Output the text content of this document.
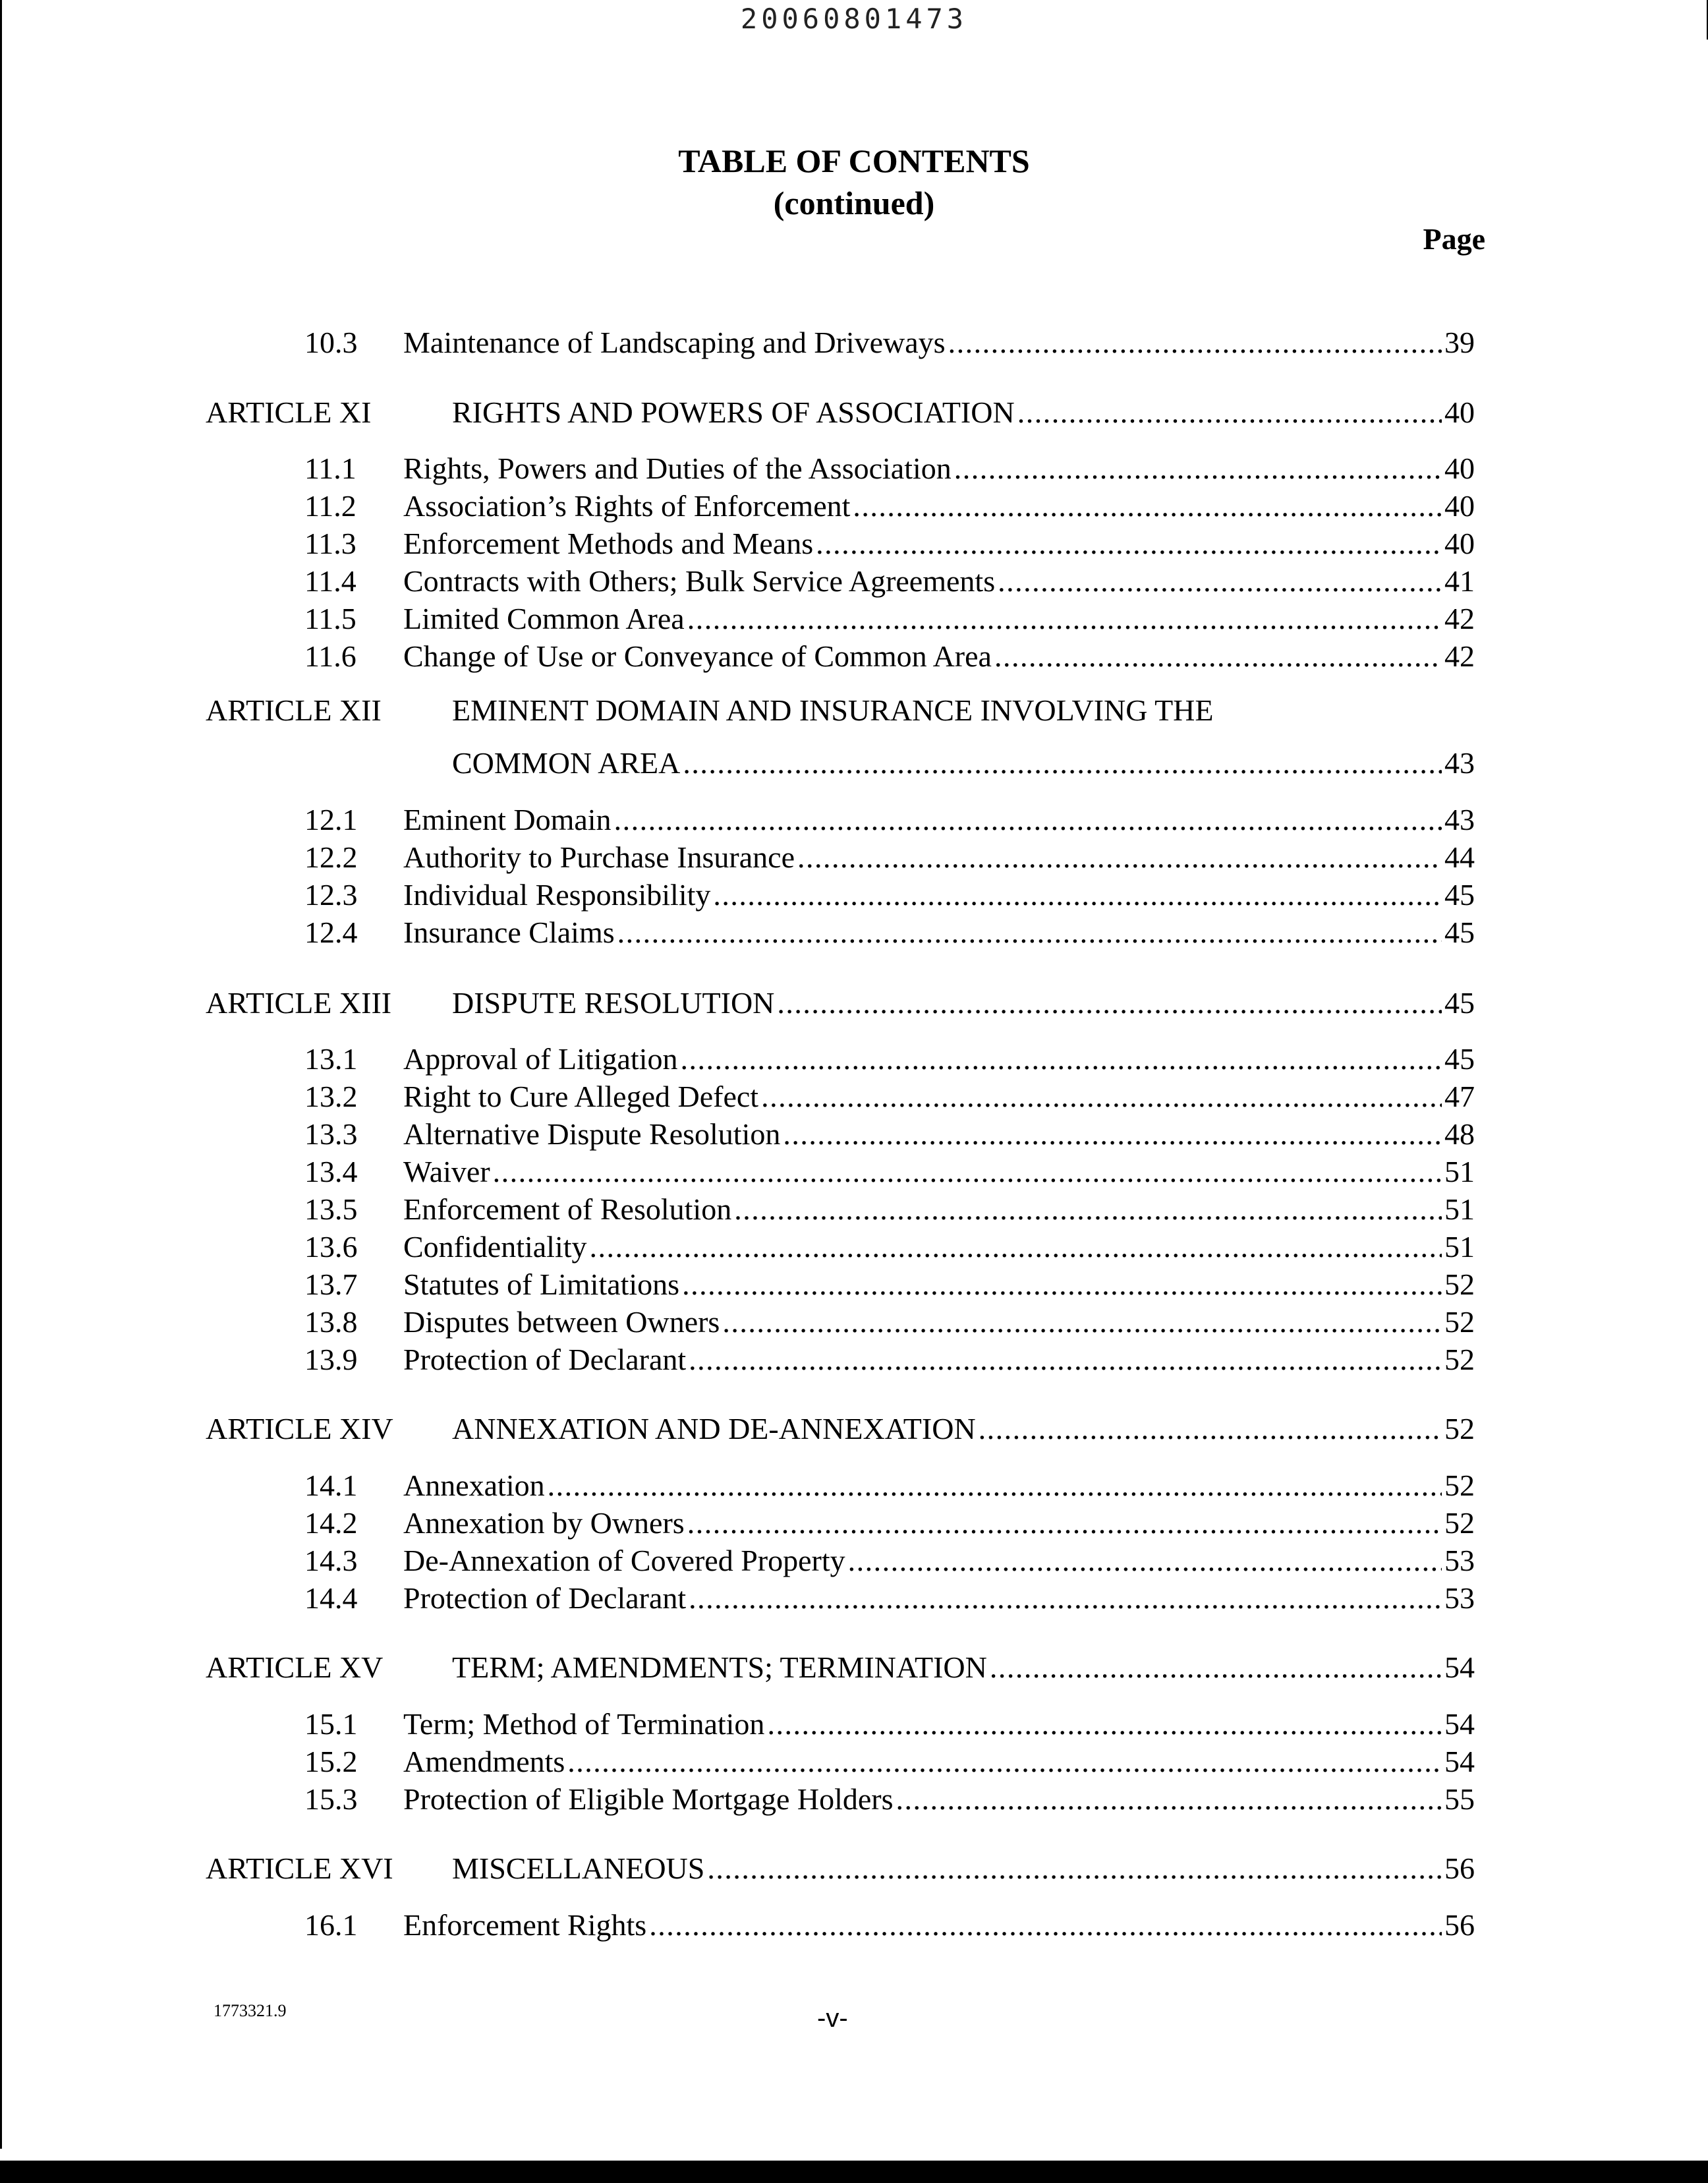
20060801473
TABLE OF CONTENTS
(continued)
Page
10.3 Maintenance of Landscaping and Driveways . . .	39
ARTICLE XI	RIGHTS AND POWERS OF ASSOCIATION . . .	40
11.1 Rights, Powers and Duties of the Association . . .	40
11.2 Association’s Rights of Enforcement . . .	40
11.3 Enforcement Methods and Means . . .	40
11.4 Contracts with Others; Bulk Service Agreements . . .	41
11.5 Limited Common Area . . .	42
11.6 Change of Use or Conveyance of Common Area . . .	42
ARTICLE XII EMINENT DOMAIN AND INSURANCE INVOLVING THE
COMMON AREA . . .	43
12.1 Eminent Domain . . .	43
12.2 Authority to Purchase Insurance . . .	44
12.3 Individual Responsibility . . .	45
12.4 Insurance Claims . . .	45
ARTICLE XIII DISPUTE RESOLUTION . . .	45
13.1 Approval of Litigation . . .	45
13.2 Right to Cure Alleged Defect . . .	47
13.3 Alternative Dispute Resolution . . .	48
13.4 Waiver . . .	51
13.5 Enforcement of Resolution . . .	51
13.6 Confidentiality . . .	51
13.7 Statutes of Limitations . . .	52
13.8 Disputes between Owners . . .	52
13.9 Protection of Declarant . . .	52
ARTICLE XIV ANNEXATION AND DE-ANNEXATION . . .	52
14.1 Annexation . . .	52
14.2 Annexation by Owners . . .	52
14.3 De-Annexation of Covered Property . . .	53
14.4 Protection of Declarant . . .	53
ARTICLE XV TERM; AMENDMENTS; TERMINATION . . .	54
15.1 Term; Method of Termination . . .	54
15.2 Amendments . . .	54
15.3 Protection of Eligible Mortgage Holders . . .	55
ARTICLE XVI MISCELLANEOUS . . .	56
16.1 Enforcement Rights . . .	56
1773321.9	-v-
